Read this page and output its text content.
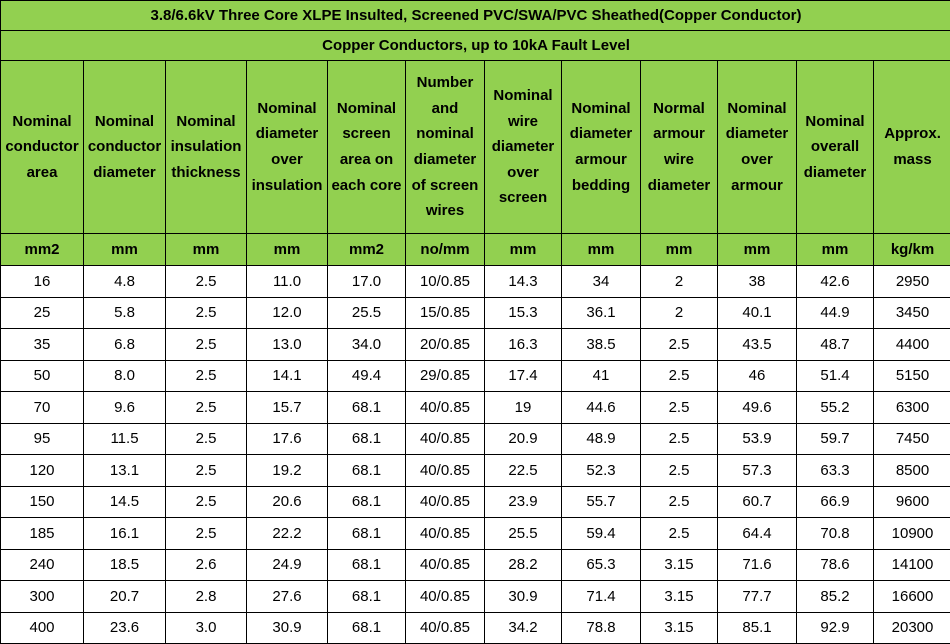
3.8/6.6kV Three Core XLPE Insulted, Screened PVC/SWA/PVC Sheathed(Copper Conductor)											
Copper Conductors, up to 10kA Fault Level											
Nominal conductor area	Nominal conductor diameter	Nominal insulation thickness	Nominal diameter over insulation	Nominal screen area on each core	Number and nominal diameter of screen wires	Nominal wire diameter over screen	Nominal diameter armour bedding	Normal armour wire diameter	Nominal diameter over armour	Nominal overall diameter	Approx. mass
mm2	mm	mm	mm	mm2	no/mm	mm	mm	mm	mm	mm	kg/km
16	4.8	2.5	11.0	17.0	10/0.85	14.3	34	2	38	42.6	2950
25	5.8	2.5	12.0	25.5	15/0.85	15.3	36.1	2	40.1	44.9	3450
35	6.8	2.5	13.0	34.0	20/0.85	16.3	38.5	2.5	43.5	48.7	4400
50	8.0	2.5	14.1	49.4	29/0.85	17.4	41	2.5	46	51.4	5150
70	9.6	2.5	15.7	68.1	40/0.85	19	44.6	2.5	49.6	55.2	6300
95	11.5	2.5	17.6	68.1	40/0.85	20.9	48.9	2.5	53.9	59.7	7450
120	13.1	2.5	19.2	68.1	40/0.85	22.5	52.3	2.5	57.3	63.3	8500
150	14.5	2.5	20.6	68.1	40/0.85	23.9	55.7	2.5	60.7	66.9	9600
185	16.1	2.5	22.2	68.1	40/0.85	25.5	59.4	2.5	64.4	70.8	10900
240	18.5	2.6	24.9	68.1	40/0.85	28.2	65.3	3.15	71.6	78.6	14100
300	20.7	2.8	27.6	68.1	40/0.85	30.9	71.4	3.15	77.7	85.2	16600
400	23.6	3.0	30.9	68.1	40/0.85	34.2	78.8	3.15	85.1	92.9	20300
